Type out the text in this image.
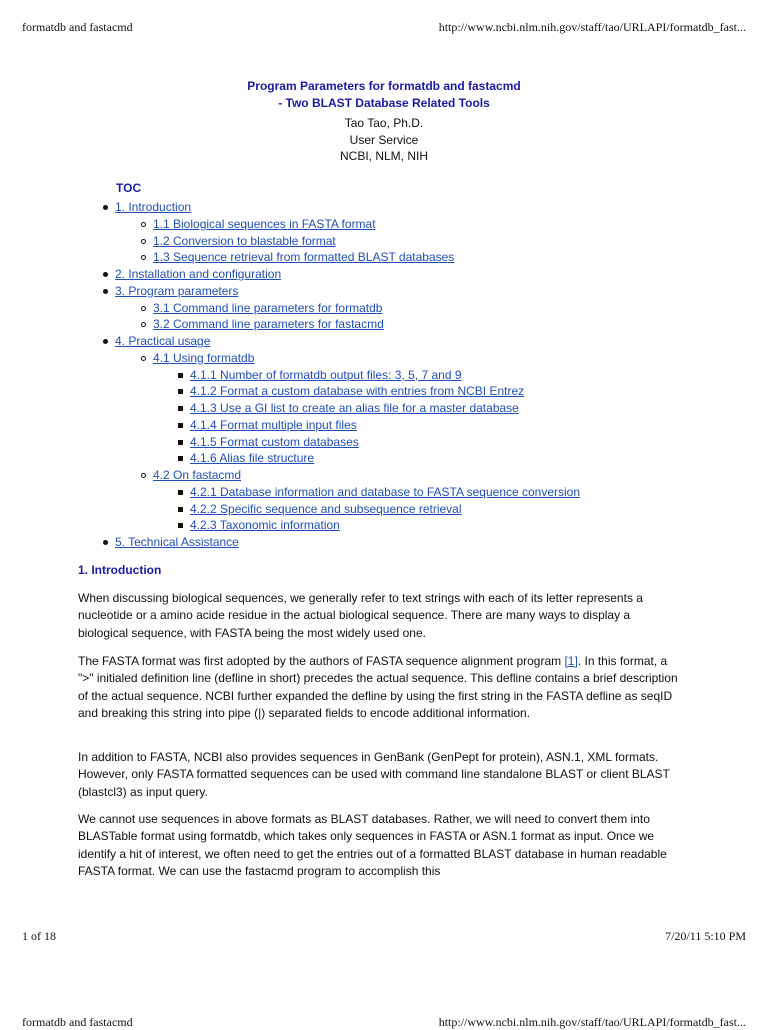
formatdb and fastacmd	http://www.ncbi.nlm.nih.gov/staff/tao/URLAPI/formatdb_fast...
Program Parameters for formatdb and fastacmd
- Two BLAST Database Related Tools
Tao Tao, Ph.D.
User Service
NCBI, NLM, NIH
TOC
1. Introduction
1.1 Biological sequences in FASTA format
1.2 Conversion to blastable format
1.3 Sequence retrieval from formatted BLAST databases
2. Installation and configuration
3. Program parameters
3.1 Command line parameters for formatdb
3.2 Command line parameters for fastacmd
4. Practical usage
4.1 Using formatdb
4.1.1 Number of formatdb output files: 3, 5, 7 and 9
4.1.2 Format a custom database with entries from NCBI Entrez
4.1.3 Use a GI list to create an alias file for a master database
4.1.4 Format multiple input files
4.1.5 Format custom databases
4.1.6 Alias file structure
4.2 On fastacmd
4.2.1 Database information and database to FASTA sequence conversion
4.2.2 Specific sequence and subsequence retrieval
4.2.3 Taxonomic information
5. Technical Assistance
1. Introduction
When discussing biological sequences, we generally refer to text strings with each of its letter represents a nucleotide or a amino acide residue in the actual biological sequence. There are many ways to display a biological sequence, with FASTA being the most widely used one.
The FASTA format was first adopted by the authors of FASTA sequence alignment program [1]. In this format, a ">" initialed definition line (defline in short) precedes the actual sequence. This defline contains a brief description of the actual sequence. NCBI further expanded the defline by using the first string in the FASTA defline as seqID and breaking this string into pipe (|) separated fields to encode additional information.
In addition to FASTA, NCBI also provides sequences in GenBank (GenPept for protein), ASN.1, XML formats. However, only FASTA formatted sequences can be used with command line standalone BLAST or client BLAST (blastcl3) as input query.
We cannot use sequences in above formats as BLAST databases. Rather, we will need to convert them into BLASTable format using formatdb, which takes only sequences in FASTA or ASN.1 format as input. Once we identify a hit of interest, we often need to get the entries out of a formatted BLAST database in human readable FASTA format. We can use the fastacmd program to accomplish this
1 of 18	7/20/11 5:10 PM
formatdb and fastacmd	http://www.ncbi.nlm.nih.gov/staff/tao/URLAPI/formatdb_fast...
